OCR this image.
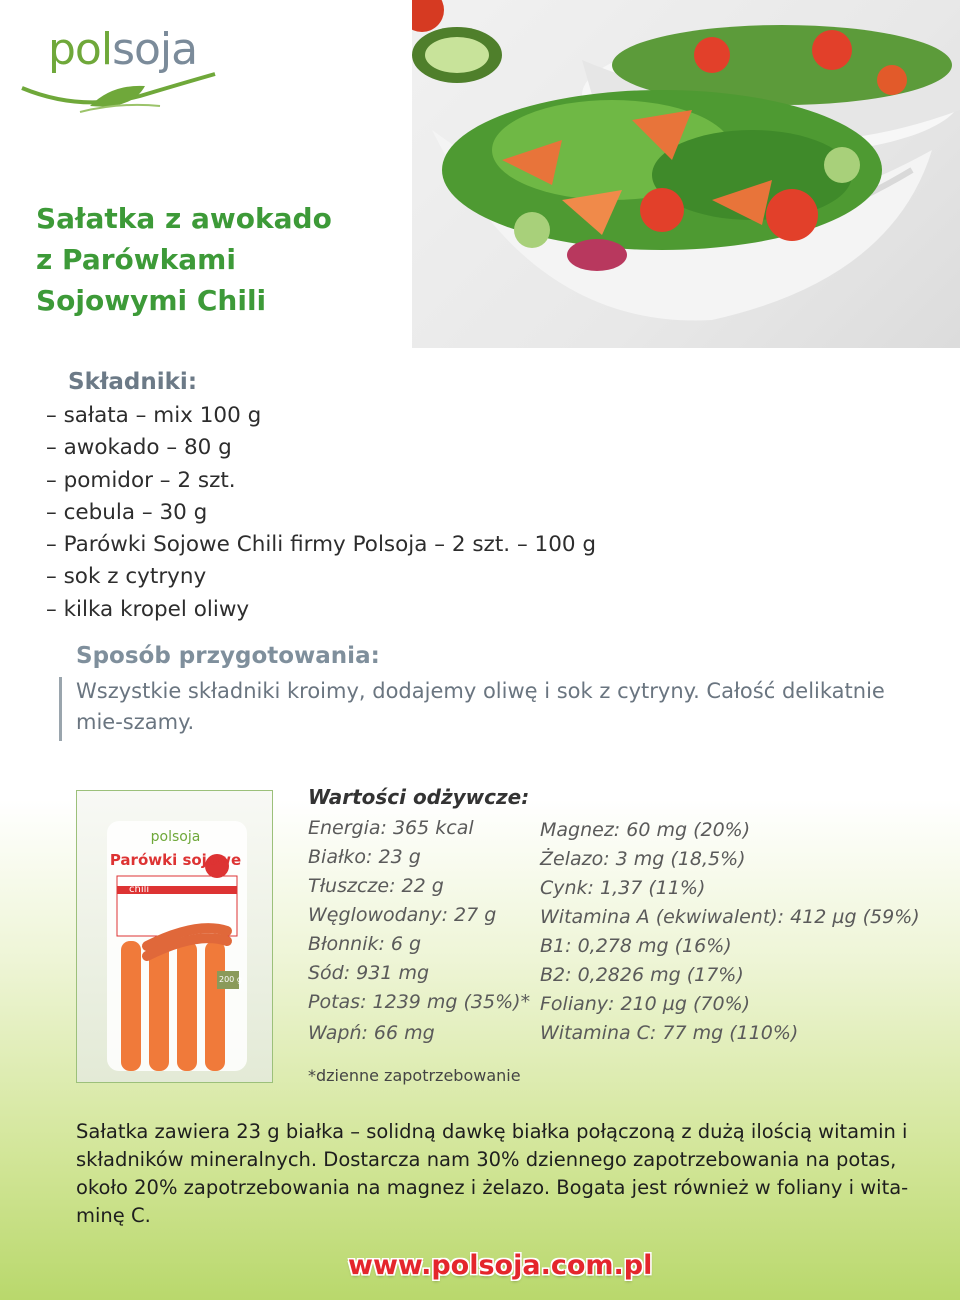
polsoja
Sałatka z awokado
z Parówkami
Sojowymi Chili
Składniki:
– sałata – mix 100 g
– awokado – 80 g
– pomidor – 2 szt.
– cebula – 30 g
– Parówki Sojowe Chili firmy Polsoja – 2 szt. – 100 g
– sok z cytryny
– kilka kropel oliwy
Sposób przygotowania:

Wszystkie składniki kroimy, dodajemy oliwę i sok z cytryny. Całość delikatnie mie-szamy.

polsoja
Parówki sojowe
chili
200 g
Wartości odżywcze:
Energia: 365 kcal
Białko: 23 g
Tłuszcze: 22 g
Węglowodany: 27 g
Błonnik: 6 g
Sód: 931 mg
Potas: 1239 mg (35%)*
Wapń: 66 mg
Magnez: 60 mg (20%)
Żelazo: 3 mg (18,5%)
Cynk: 1,37 (11%)
Witamina A (ekwiwalent): 412 µg (59%)
B1: 0,278 mg (16%)
B2: 0,2826 mg (17%)
Foliany: 210 µg (70%)
Witamina C: 77 mg (110%)

*dzienne zapotrzebowanie

Sałatka zawiera 23 g białka – solidną dawkę białka połączoną z dużą ilością witamin i składników mineralnych. Dostarcza nam 30% dziennego zapotrzebowania na potas, około 20% zapotrzebowania na magnez i żelazo. Bogata jest również w foliany i wita-minę C.

www.polsoja.com.pl
